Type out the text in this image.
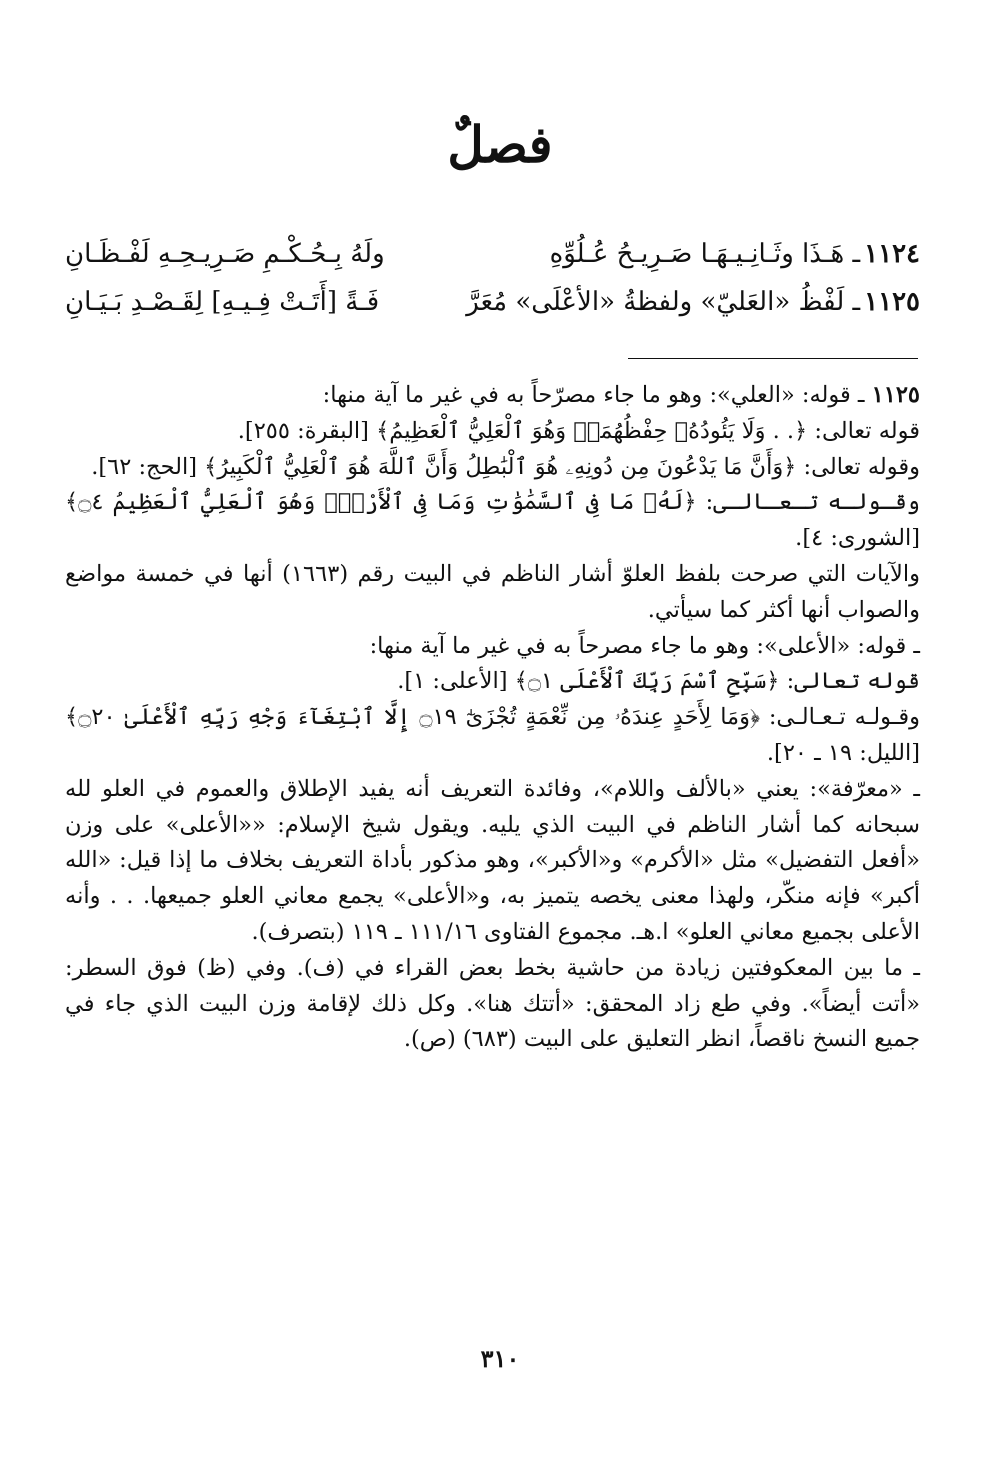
فصلٌ
١١٢٤ـ هَـذَا وثَـانِـيـهَـا صَـرِيـحُ عُـلُوِّهِ
ولَهُ بِـحُـكْـمِ صَـرِيـحِـهِ لَفْـظَـانِ
١١٢٥ـ لَفْظُ «العَليّ» ولفظةُ «الأعْلَى» مُعَرَّ
فَـةً [أَتَـتْ فِـيـهِ] لِقَـصْـدِ بَـيَـانِ

١١٢٥ ـ قوله: «العلي»: وهو ما جاء مصرّحاً به في غير ما آية منها:

قوله تعالى: ﴿. . وَلَا يَئُودُهُۥ حِفْظُهُمَاۚ وَهُوَ ٱلْعَلِيُّ ٱلْعَظِيمُ﴾ [البقرة: ٢٥٥].

وقوله تعالى: ﴿وَأَنَّ مَا يَدْعُونَ مِن دُونِهِۦ هُوَ ٱلْبَٰطِلُ وَأَنَّ ٱللَّهَ هُوَ ٱلْعَلِيُّ ٱلْكَبِيرُ﴾ [الحج: ٦٢].

وقـولـه تـعـالـى: ﴿لَهُۥ مَا فِى ٱلسَّمَٰوَٰتِ وَمَا فِى ٱلْأَرْضِۖ وَهُوَ ٱلْعَلِيُّ ٱلْعَظِيمُ ۝٤﴾ [الشورى: ٤].

والآيات التي صرحت بلفظ العلوّ أشار الناظم في البيت رقم (١٦٦٣) أنها في خمسة مواضع والصواب أنها أكثر كما سيأتي.

ـ قوله: «الأعلى»: وهو ما جاء مصرحاً به في غير ما آية منها:

قوله تعالى: ﴿سَبِّحِ ٱسْمَ رَبِّكَ ٱلْأَعْلَى ۝١﴾ [الأعلى: ١].

وقـولـه تـعـالـى: ﴿وَمَا لِأَحَدٍ عِندَهُۥ مِن نِّعْمَةٍ تُجْزَىٰٓ ۝١٩ إِلَّا ٱبْتِغَآءَ وَجْهِ رَبِّهِ ٱلْأَعْلَىٰ ۝٢٠﴾ [الليل: ١٩ ـ ٢٠].

ـ «معرّفة»: يعني «بالألف واللام»، وفائدة التعريف أنه يفيد الإطلاق والعموم في العلو لله سبحانه كما أشار الناظم في البيت الذي يليه. ويقول شيخ الإسلام: ««الأعلى» على وزن «أفعل التفضيل» مثل «الأكرم» و«الأكبر»، وهو مذكور بأداة التعريف بخلاف ما إذا قيل: «الله أكبر» فإنه منكّر، ولهذا معنى يخصه يتميز به، و«الأعلى» يجمع معاني العلو جميعها. . . وأنه الأعلى بجميع معاني العلو» ا.هـ. مجموع الفتاوى ١١١/١٦ ـ ١١٩ (بتصرف).

ـ ما بين المعكوفتين زيادة من حاشية بخط بعض القراء في (ف). وفي (ظ) فوق السطر: «أتت أيضاً». وفي طع زاد المحقق: «أتتك هنا». وكل ذلك لإقامة وزن البيت الذي جاء في جميع النسخ ناقصاً، انظر التعليق على البيت (٦٨٣) (ص).

٣١٠
